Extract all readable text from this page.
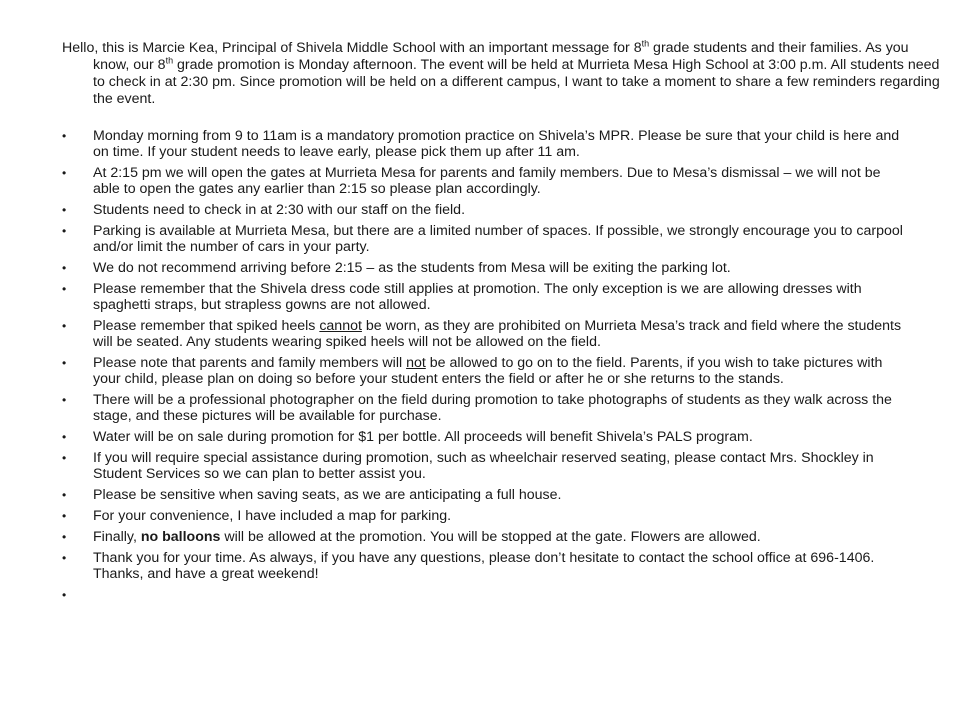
Hello, this is Marcie Kea, Principal of Shivela Middle School with an important message for 8th grade students and their families. As you know, our 8th grade promotion is Monday afternoon. The event will be held at Murrieta Mesa High School at 3:00 p.m. All students need to check in at 2:30 pm. Since promotion will be held on a different campus, I want to take a moment to share a few reminders regarding the event.

•	Monday morning from 9 to 11am is a mandatory promotion practice on Shivela’s MPR. Please be sure that your child is here and on time. If your student needs to leave early, please pick them up after 11 am.
•	At 2:15 pm we will open the gates at Murrieta Mesa for parents and family members. Due to Mesa’s dismissal – we will not be able to open the gates any earlier than 2:15 so please plan accordingly.
•	Students need to check in at 2:30 with our staff on the field.
•	Parking is available at Murrieta Mesa, but there are a limited number of spaces. If possible, we strongly encourage you to carpool and/or limit the number of cars in your party.
•	We do not recommend arriving before 2:15 – as the students from Mesa will be exiting the parking lot.
•	Please remember that the Shivela dress code still applies at promotion. The only exception is we are allowing dresses with spaghetti straps, but strapless gowns are not allowed.
•	Please remember that spiked heels cannot be worn, as they are prohibited on Murrieta Mesa’s track and field where the students will be seated. Any students wearing spiked heels will not be allowed on the field.
•	Please note that parents and family members will not be allowed to go on to the field. Parents, if you wish to take pictures with your child, please plan on doing so before your student enters the field or after he or she returns to the stands.
•	There will be a professional photographer on the field during promotion to take photographs of students as they walk across the stage, and these pictures will be available for purchase.
•	Water will be on sale during promotion for $1 per bottle. All proceeds will benefit Shivela’s PALS program.
•	If you will require special assistance during promotion, such as wheelchair reserved seating, please contact Mrs. Shockley in Student Services so we can plan to better assist you.
•	Please be sensitive when saving seats, as we are anticipating a full house.
•	For your convenience, I have included a map for parking.
•	Finally, no balloons will be allowed at the promotion. You will be stopped at the gate. Flowers are allowed.
•	Thank you for your time. As always, if you have any questions, please don’t hesitate to contact the school office at 696-1406. Thanks, and have a great weekend!
•
